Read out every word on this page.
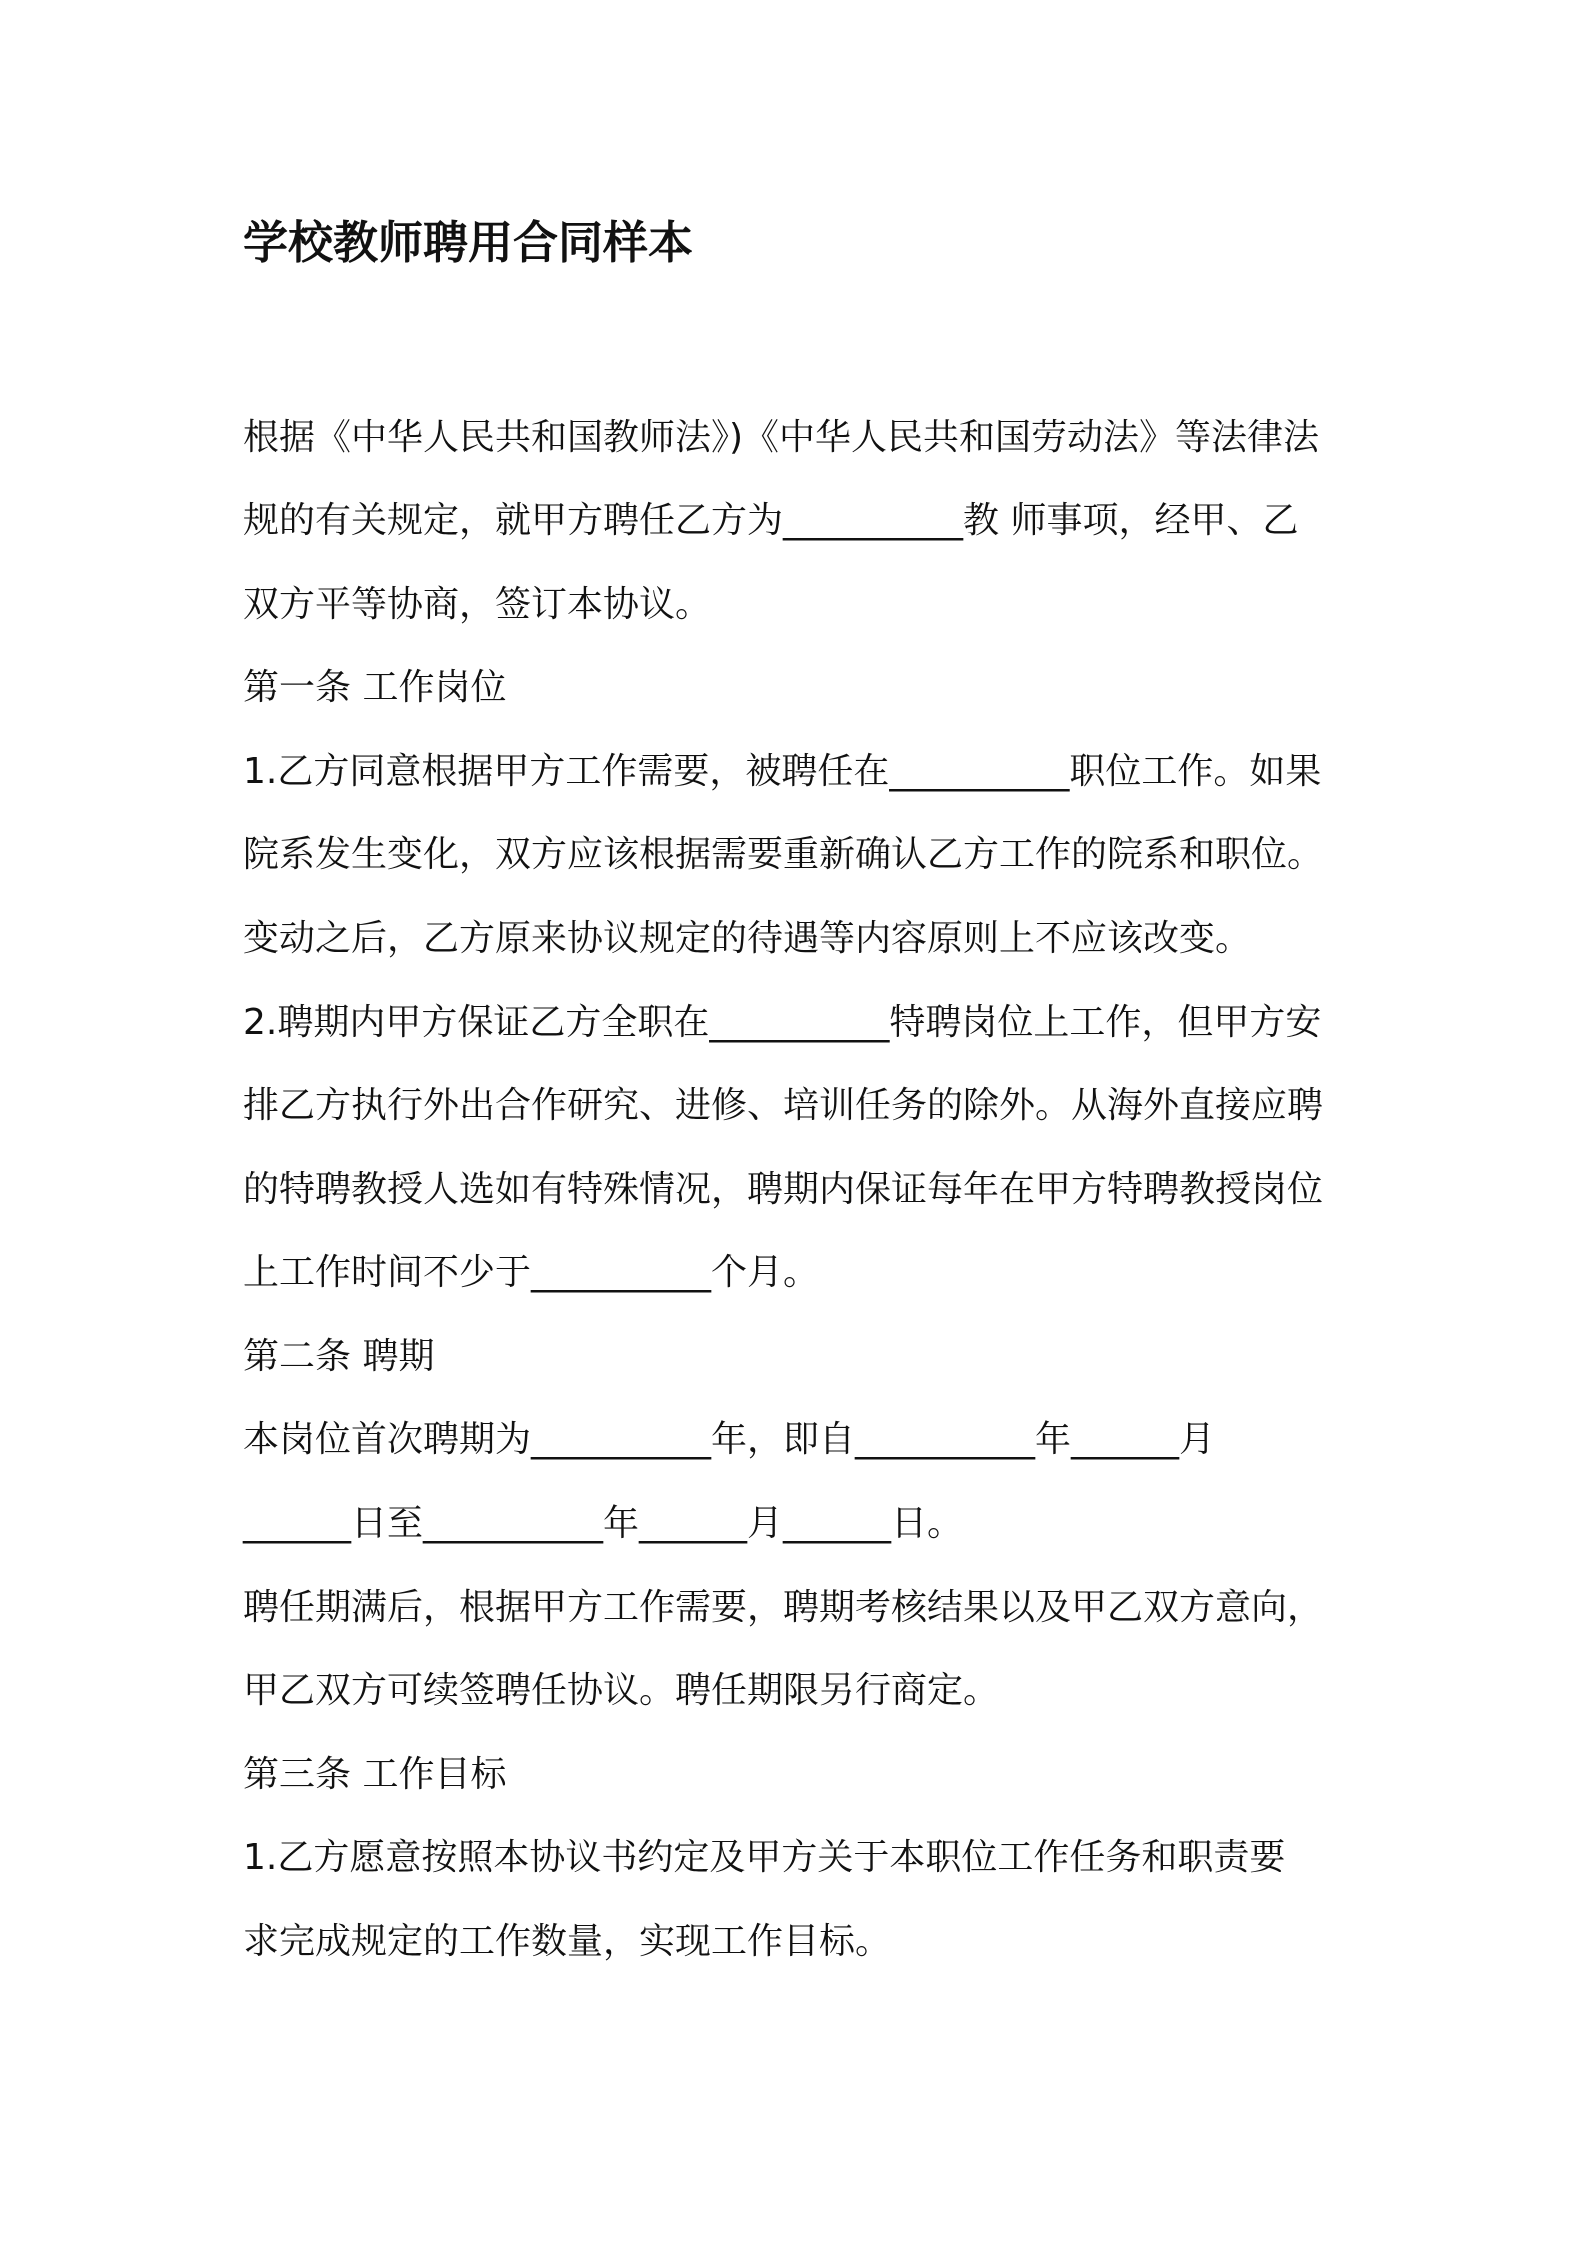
学校教师聘用合同样本

根据《中华人民共和国教师法》)《中华人民共和国劳动法》等法律法

规的有关规定，就甲方聘任乙方为__________教 师事项，经甲、乙

双方平等协商，签订本协议。

第一条 工作岗位

1.乙方同意根据甲方工作需要，被聘任在__________职位工作。如果

院系发生变化，双方应该根据需要重新确认乙方工作的院系和职位。

变动之后，乙方原来协议规定的待遇等内容原则上不应该改变。

2.聘期内甲方保证乙方全职在__________特聘岗位上工作，但甲方安

排乙方执行外出合作研究、进修、培训任务的除外。从海外直接应聘

的特聘教授人选如有特殊情况，聘期内保证每年在甲方特聘教授岗位

上工作时间不少于__________个月。

第二条 聘期

本岗位首次聘期为__________年，即自__________年______月

______日至__________年______月______日。

聘任期满后，根据甲方工作需要，聘期考核结果以及甲乙双方意向，

甲乙双方可续签聘任协议。聘任期限另行商定。

第三条 工作目标

1.乙方愿意按照本协议书约定及甲方关于本职位工作任务和职责要

求完成规定的工作数量，实现工作目标。
